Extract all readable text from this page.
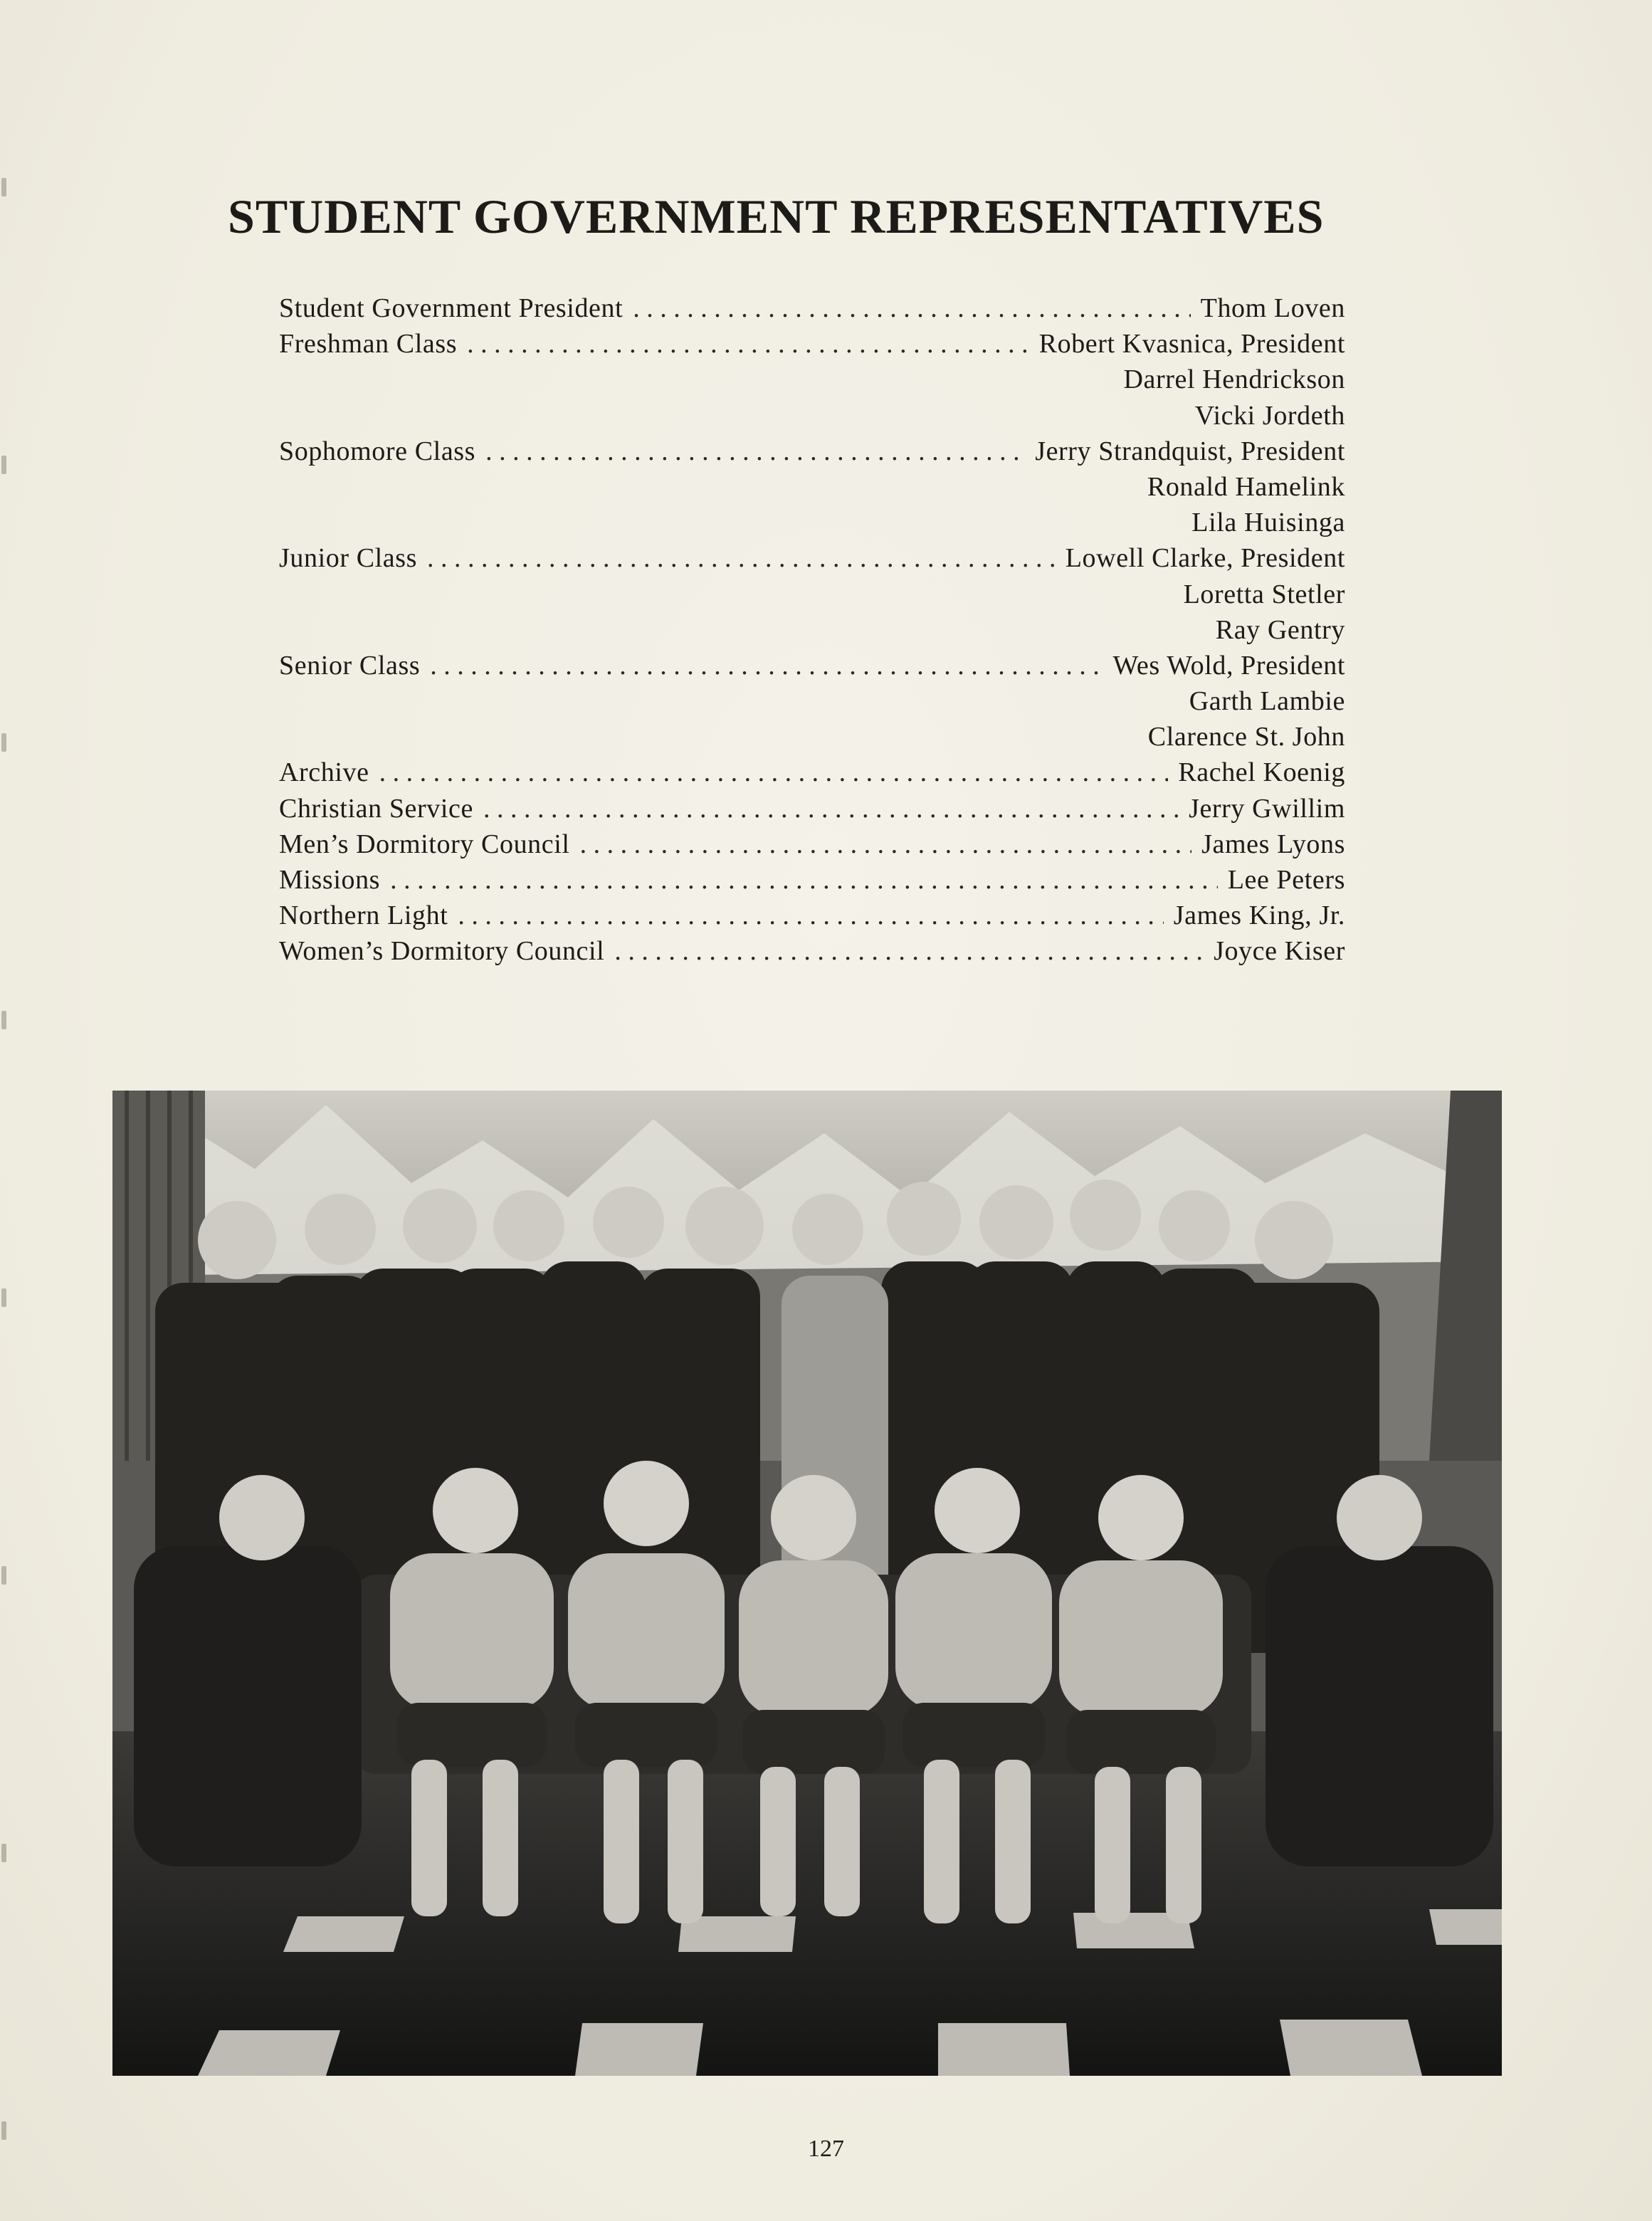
STUDENT GOVERNMENT REPRESENTATIVES
Student Government President . . .	Thom Loven
Freshman Class . . .	Robert Kvasnica, President
Darrel Hendrickson
Vicki Jordeth
Sophomore Class . . .	Jerry Strandquist, President
Ronald Hamelink
Lila Huisinga
Junior Class . . .	Lowell Clarke, President
Loretta Stetler
Ray Gentry
Senior Class . . .	Wes Wold, President
Garth Lambie
Clarence St. John
Archive . . .	Rachel Koenig
Christian Service . . .	Jerry Gwillim
Men’s Dormitory Council . . .	James Lyons
Missions . . .	Lee Peters
Northern Light . . .	James King, Jr.
Women’s Dormitory Council . . .	Joyce Kiser
127
